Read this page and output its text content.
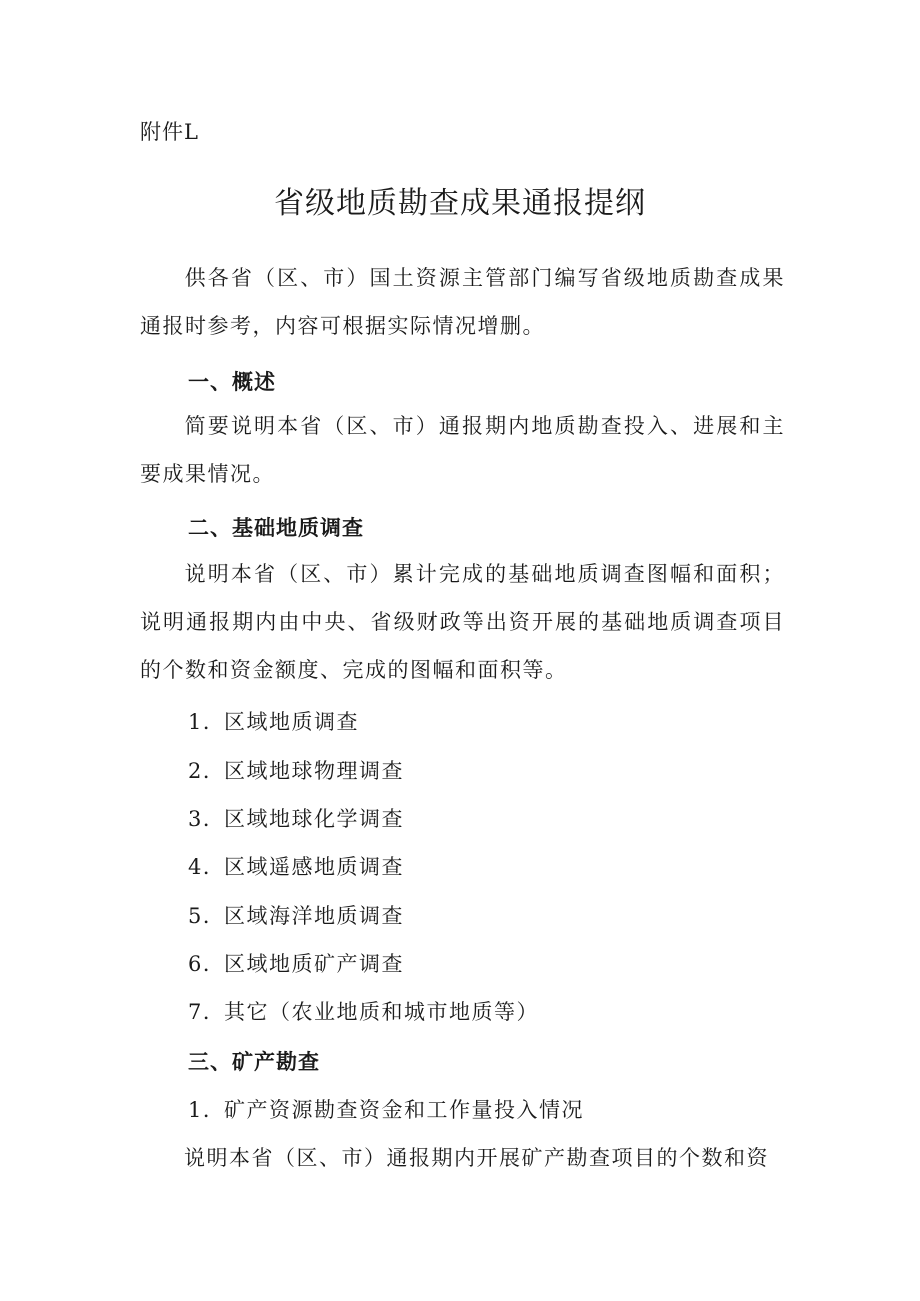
附件L
省级地质勘查成果通报提纲
供各省（区、市）国土资源主管部门编写省级地质勘查成果通报时参考，内容可根据实际情况增删。
一、概述
简要说明本省（区、市）通报期内地质勘查投入、进展和主要成果情况。
二、基础地质调查
说明本省（区、市）累计完成的基础地质调查图幅和面积；说明通报期内由中央、省级财政等出资开展的基础地质调查项目的个数和资金额度、完成的图幅和面积等。
1．区域地质调查
2．区域地球物理调查
3．区域地球化学调查
4．区域遥感地质调查
5．区域海洋地质调查
6．区域地质矿产调查
7．其它（农业地质和城市地质等）
三、矿产勘查
1．矿产资源勘查资金和工作量投入情况
说明本省（区、市）通报期内开展矿产勘查项目的个数和资
